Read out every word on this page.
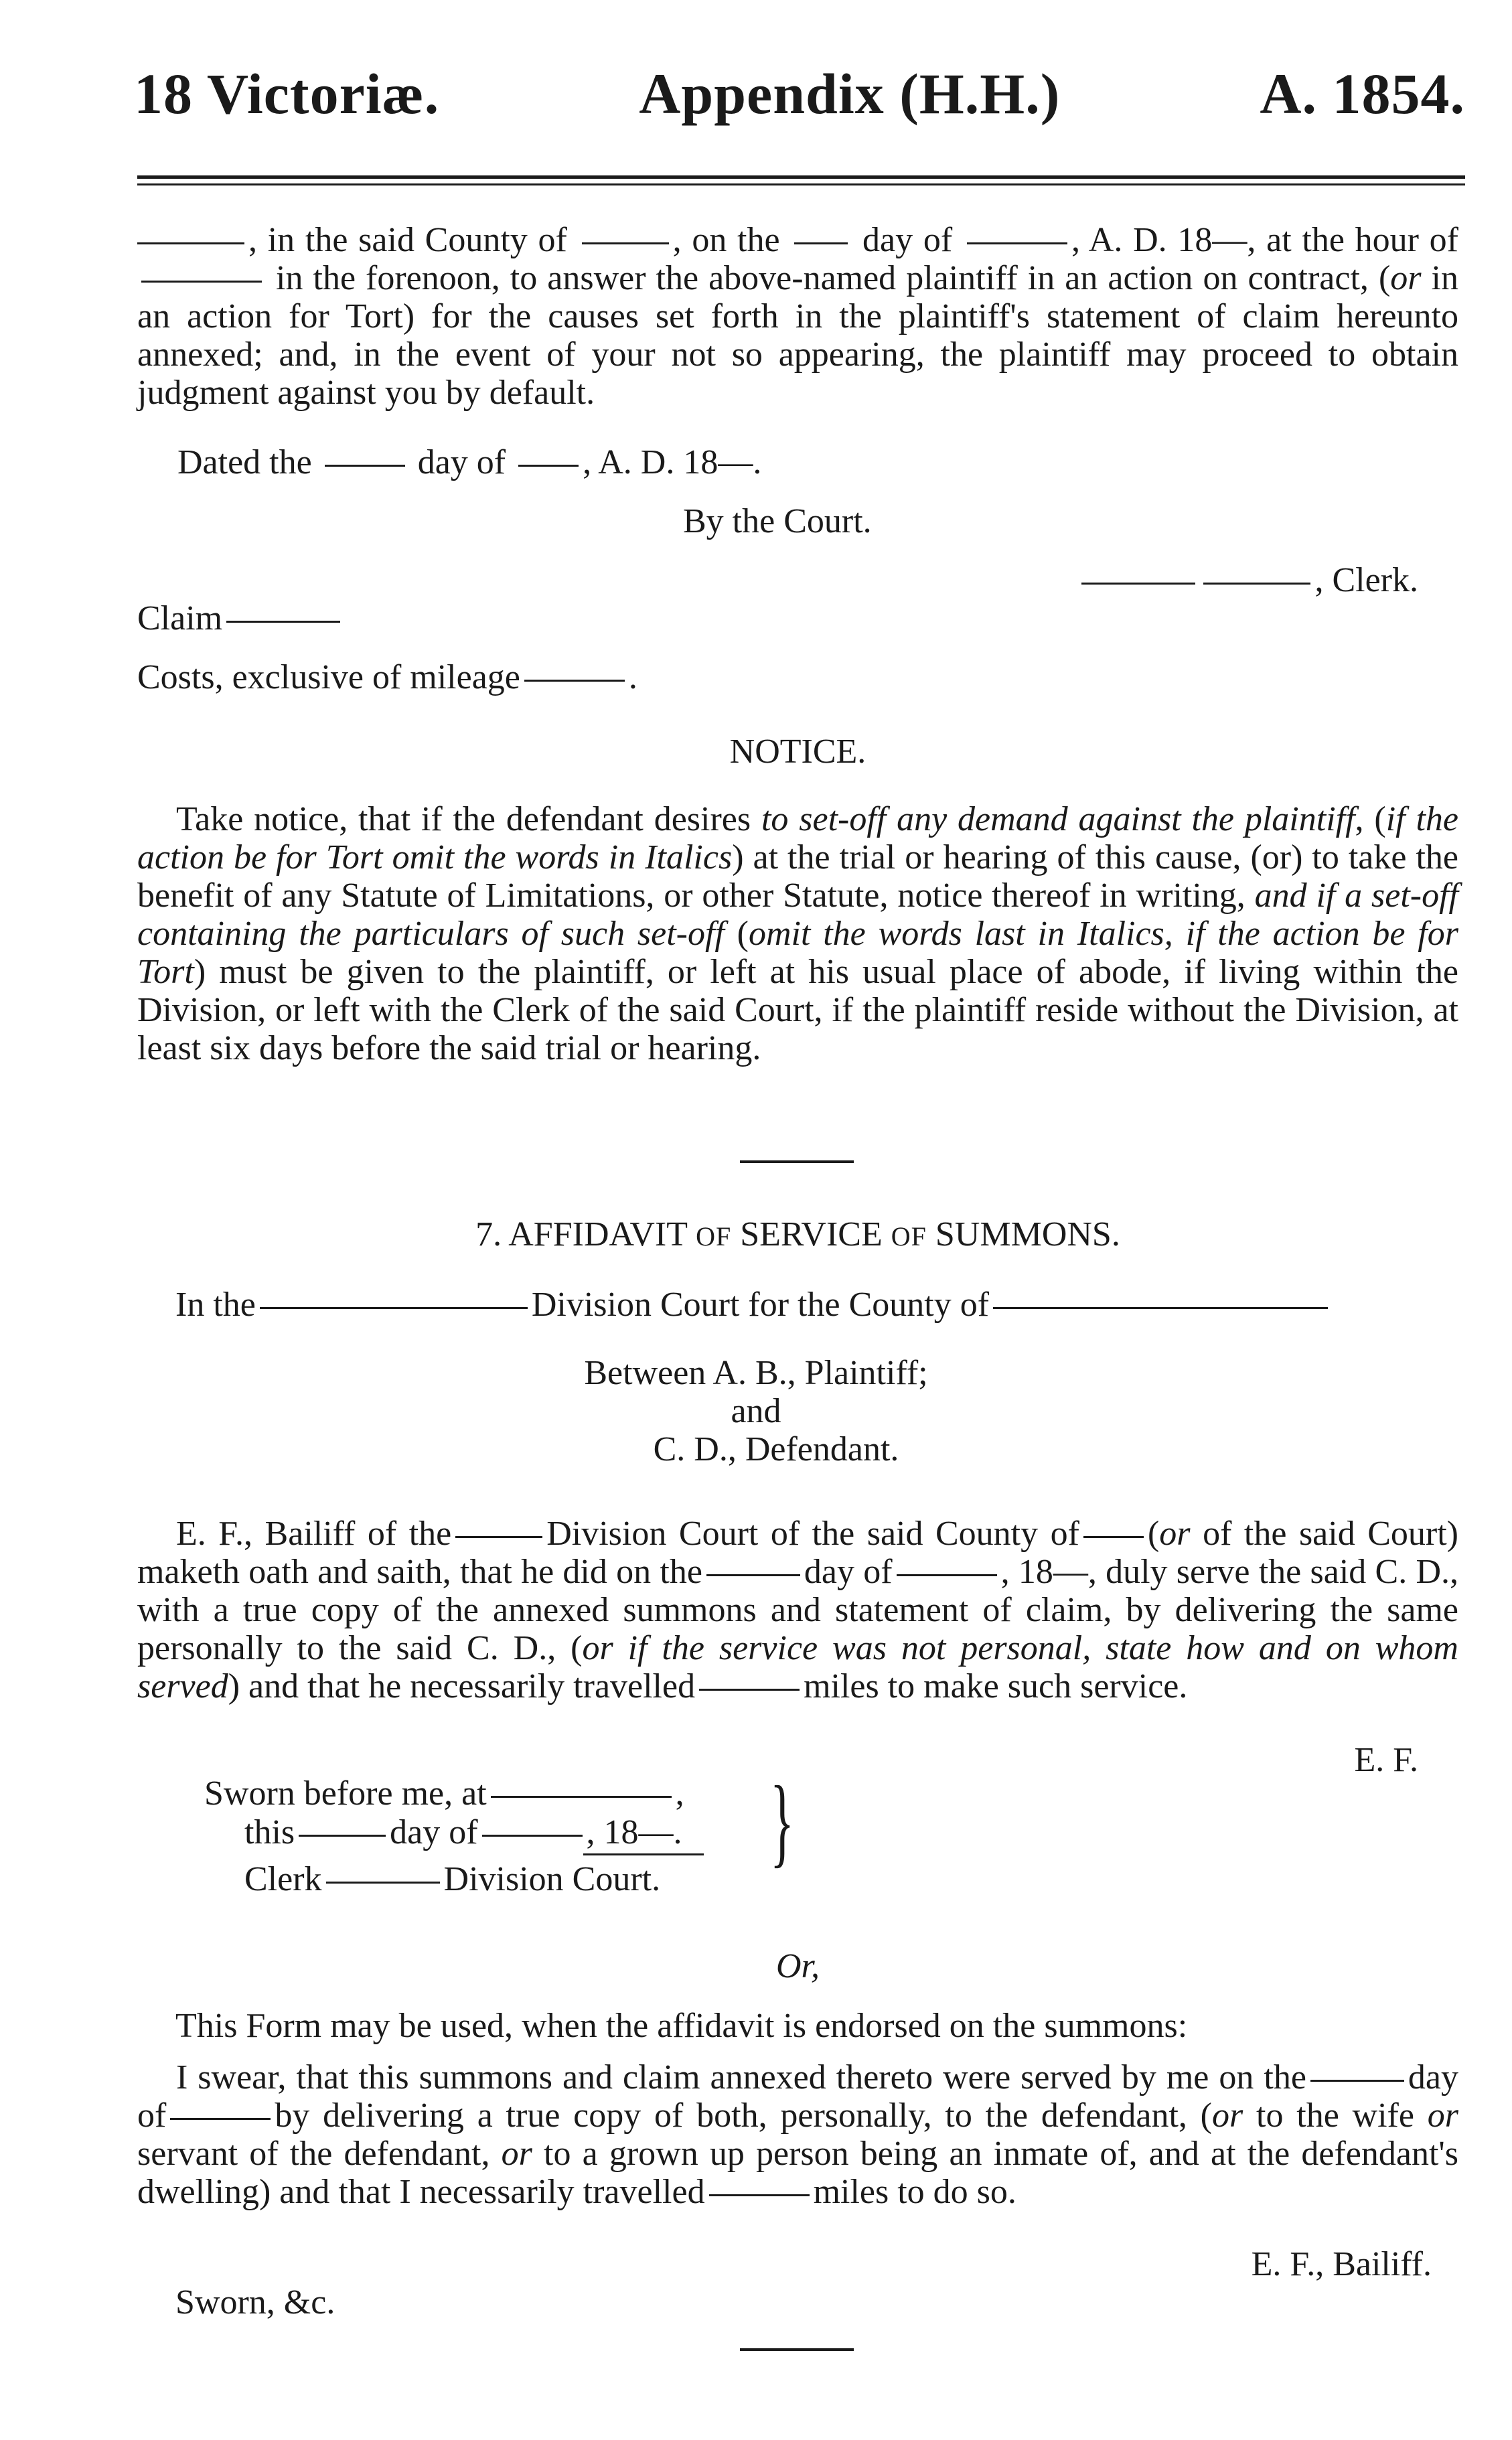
18 Victoriæ.	Appendix (H.H.)	A. 1854.

, in the said County of	, on the  day of	, A. D. 18—, at the hour of  in the forenoon, to answer the above-named plaintiff in an action on contract, (or in an action for Tort) for the causes set forth in the plaintiff's statement of claim hereunto annexed; and, in the event of your not so appearing, the plaintiff may proceed to obtain judgment against you by default.

Dated the	day of , A. D. 18—.
By the Court.
, Clerk.
Claim
Costs, exclusive of mileage	.
NOTICE.

Take notice, that if the defendant desires to set-off any demand against the plaintiff, (if the action be for Tort omit the words in Italics) at the trial or hearing of this cause, (or) to take the benefit of any Statute of Limitations, or other Statute, notice thereof in writing, and if a set-off containing the particulars of such set-off (omit the words last in Italics, if the action be for Tort) must be given to the plaintiff, or left at his usual place of abode, if living within the Division, or left with the Clerk of the said Court, if the plaintiff reside without the Division, at least six days before the said trial or hearing.

7. AFFIDAVIT OF SERVICE OF SUMMONS.
In the	Division Court for the County of
Between A. B., Plaintiff;
and
C. D., Defendant.

E. F., Bailiff of the	Division Court of the said County of (or of the said Court) maketh oath and saith, that he did on the	day of	, 18—, duly serve the said C. D., with a true copy of the annexed summons and statement of claim, by delivering the same personally to the said C. D., (or if the service was not personal, state how and on whom served) and that he necessarily travelled	miles to make such service.

E. F.
Sworn before me, at	,
this	day of	, 18—.
Clerk	Division Court.
}
Or,
This Form may be used, when the affidavit is endorsed on the summons:

I swear, that this summons and claim annexed thereto were served by me on the	day of	by delivering a true copy of both, personally, to the defendant, (or to the wife or servant of the defendant, or to a grown up person being an inmate of, and at the defendant's dwelling) and that I necessarily travelled	miles to do so.

E. F., Bailiff.
Sworn, &c.
